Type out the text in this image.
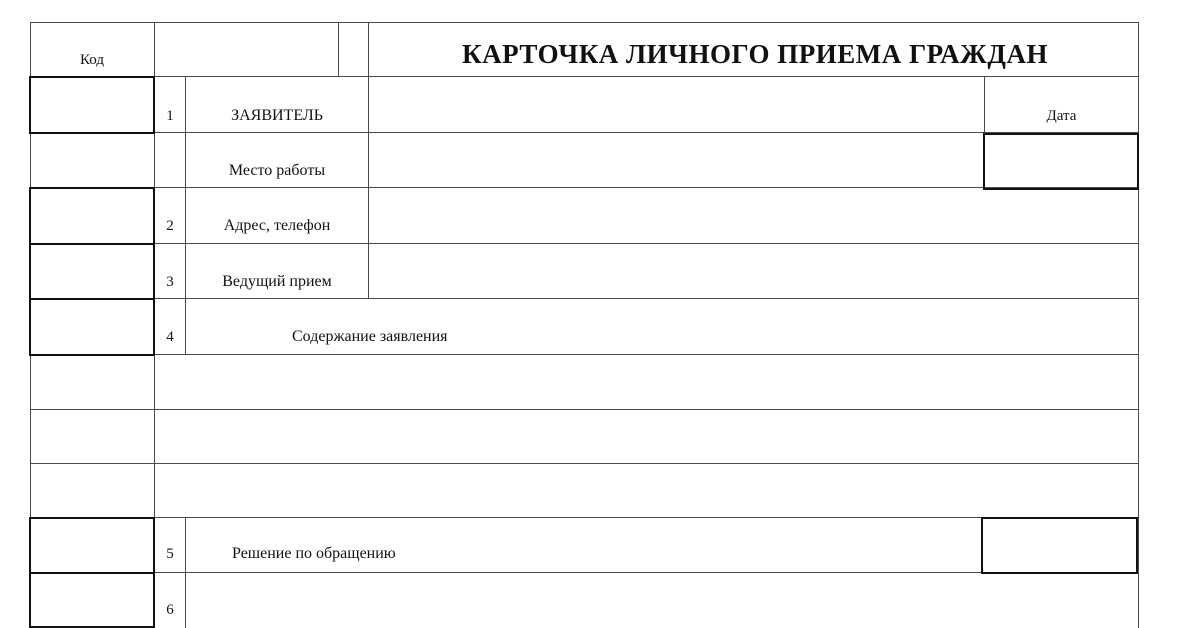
Код	КАРТОЧКА ЛИЧНОГО ПРИЕМА ГРАЖДАН
Дата
1
2
3
4
5
6
ЗАЯВИТЕЛЬ
Место работы
Адрес, телефон
Ведущий прием
Содержание заявления
Решение по обращению
